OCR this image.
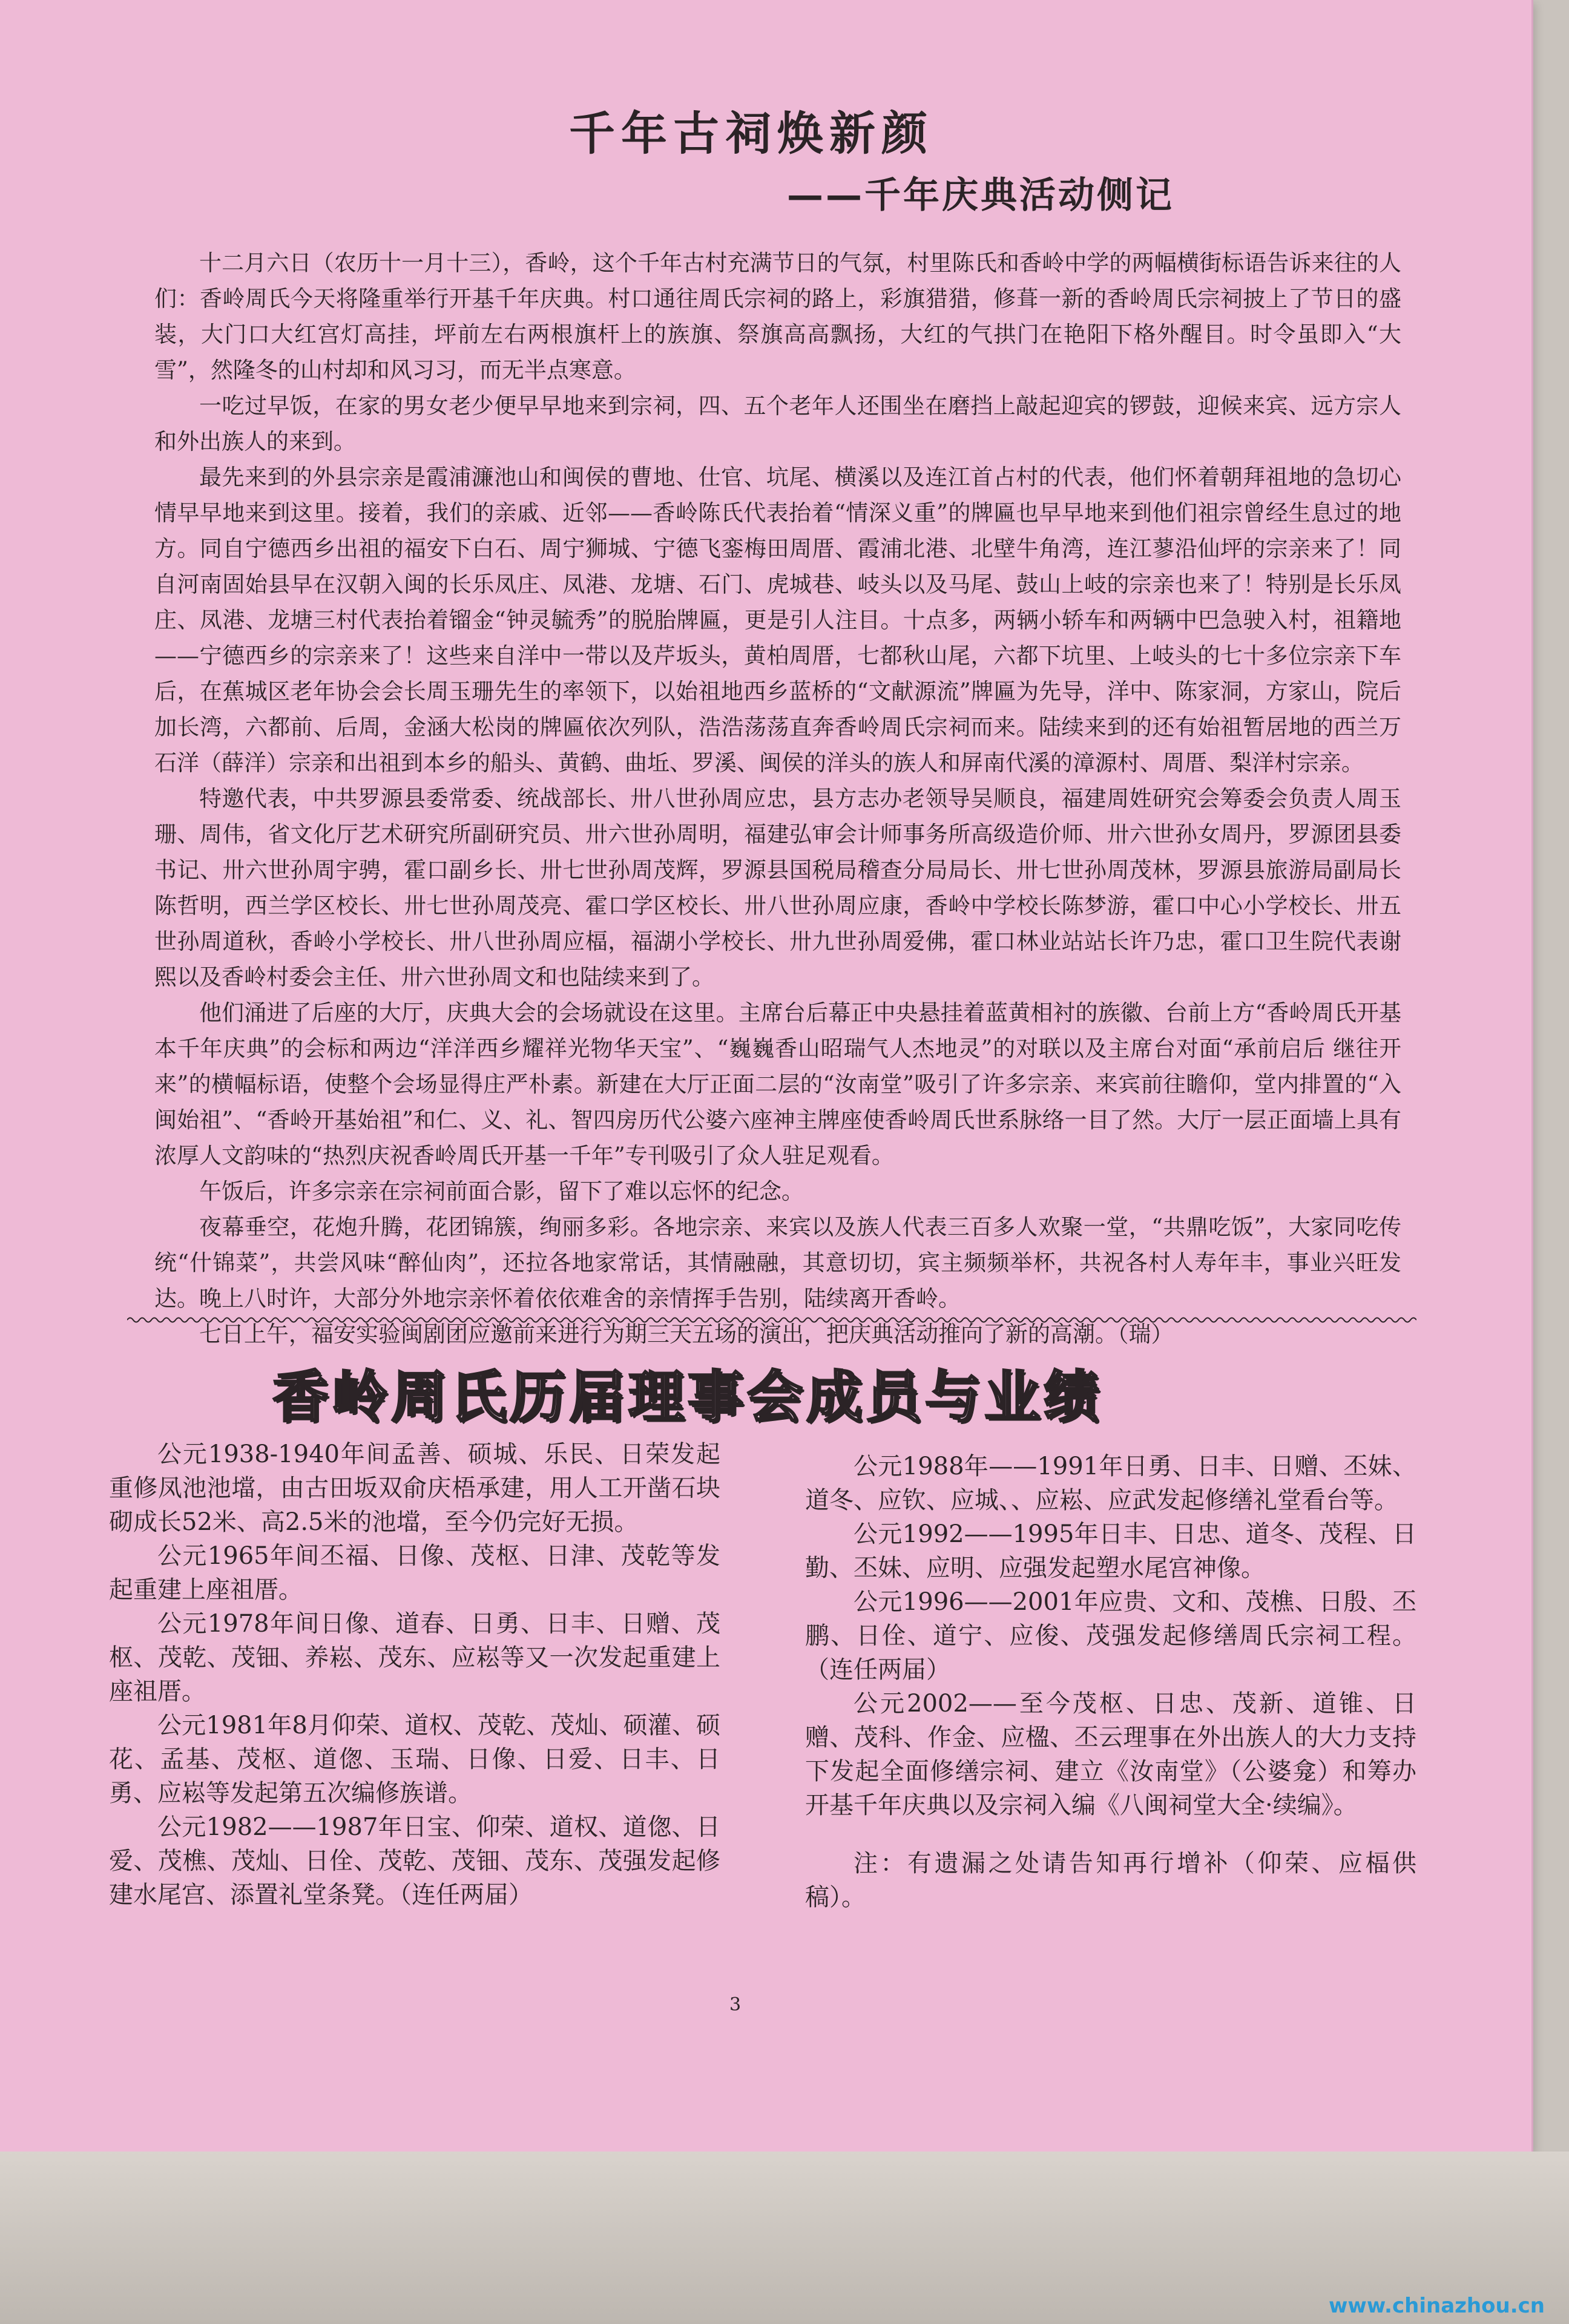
千年古祠焕新颜
——千年庆典活动侧记

十二月六日（农历十一月十三），香岭，这个千年古村充满节日的气氛，村里陈氏和香岭中学的两幅横街标语告诉来往的人们：香岭周氏今天将隆重举行开基千年庆典。村口通往周氏宗祠的路上，彩旗猎猎，修葺一新的香岭周氏宗祠披上了节日的盛装，大门口大红宫灯高挂，坪前左右两根旗杆上的族旗、祭旗高高飘扬，大红的气拱门在艳阳下格外醒目。时令虽即入“大雪”，然隆冬的山村却和风习习，而无半点寒意。

一吃过早饭，在家的男女老少便早早地来到宗祠，四、五个老年人还围坐在磨挡上敲起迎宾的锣鼓，迎候来宾、远方宗人和外出族人的来到。

最先来到的外县宗亲是霞浦濂池山和闽侯的曹地、仕官、坑尾、横溪以及连江首占村的代表，他们怀着朝拜祖地的急切心情早早地来到这里。接着，我们的亲戚、近邻——香岭陈氏代表抬着“情深义重”的牌匾也早早地来到他们祖宗曾经生息过的地方。同自宁德西乡出祖的福安下白石、周宁狮城、宁德飞銮梅田周厝、霞浦北港、北壁牛角湾，连江蓼沿仙坪的宗亲来了！同自河南固始县早在汉朝入闽的长乐凤庄、凤港、龙塘、石门、虎城巷、岐头以及马尾、鼓山上岐的宗亲也来了！特别是长乐凤庄、凤港、龙塘三村代表抬着镏金“钟灵毓秀”的脱胎牌匾，更是引人注目。十点多，两辆小轿车和两辆中巴急驶入村，祖籍地——宁德西乡的宗亲来了！这些来自洋中一带以及芹坂头，黄柏周厝，七都秋山尾，六都下坑里、上岐头的七十多位宗亲下车后，在蕉城区老年协会会长周玉珊先生的率领下，以始祖地西乡蓝桥的“文献源流”牌匾为先导，洋中、陈家洞，方家山，院后加长湾，六都前、后周，金涵大松岗的牌匾依次列队，浩浩荡荡直奔香岭周氏宗祠而来。陆续来到的还有始祖暂居地的西兰万石洋（薛洋）宗亲和出祖到本乡的船头、黄鹤、曲坵、罗溪、闽侯的洋头的族人和屏南代溪的漳源村、周厝、梨洋村宗亲。

特邀代表，中共罗源县委常委、统战部长、卅八世孙周应忠，县方志办老领导吴顺良，福建周姓研究会筹委会负责人周玉珊、周伟，省文化厅艺术研究所副研究员、卅六世孙周明，福建弘审会计师事务所高级造价师、卅六世孙女周丹，罗源团县委书记、卅六世孙周宇骋，霍口副乡长、卅七世孙周茂辉，罗源县国税局稽查分局局长、卅七世孙周茂林，罗源县旅游局副局长陈哲明，西兰学区校长、卅七世孙周茂亮、霍口学区校长、卅八世孙周应康，香岭中学校长陈梦游，霍口中心小学校长、卅五世孙周道秋，香岭小学校长、卅八世孙周应楅，福湖小学校长、卅九世孙周爱佛，霍口林业站站长许乃忠，霍口卫生院代表谢熙以及香岭村委会主任、卅六世孙周文和也陆续来到了。

他们涌进了后座的大厅，庆典大会的会场就设在这里。主席台后幕正中央悬挂着蓝黄相衬的族徽、台前上方“香岭周氏开基本千年庆典”的会标和两边“洋洋西乡耀祥光物华天宝”、“巍巍香山昭瑞气人杰地灵”的对联以及主席台对面“承前启后 继往开来”的横幅标语，使整个会场显得庄严朴素。新建在大厅正面二层的“汝南堂”吸引了许多宗亲、来宾前往瞻仰，堂内排置的“入闽始祖”、“香岭开基始祖”和仁、义、礼、智四房历代公婆六座神主牌座使香岭周氏世系脉络一目了然。大厅一层正面墙上具有浓厚人文韵味的“热烈庆祝香岭周氏开基一千年”专刊吸引了众人驻足观看。

午饭后，许多宗亲在宗祠前面合影，留下了难以忘怀的纪念。

夜幕垂空，花炮升腾，花团锦簇，绚丽多彩。各地宗亲、来宾以及族人代表三百多人欢聚一堂，“共鼎吃饭”，大家同吃传统“什锦菜”，共尝风味“醉仙肉”，还拉各地家常话，其情融融，其意切切，宾主频频举杯，共祝各村人寿年丰，事业兴旺发达。晚上八时许，大部分外地宗亲怀着依依难舍的亲情挥手告别，陆续离开香岭。

七日上午，福安实验闽剧团应邀前来进行为期三天五场的演出，把庆典活动推向了新的高潮。（瑞）

香岭周氏历届理事会成员与业绩

公元1938-1940年间孟善、硕城、乐民、日荣发起重修凤池池壋，由古田坂双俞庆梧承建，用人工开凿石块砌成长52米、高2.5米的池壋，至今仍完好无损。

公元1965年间丕福、日像、茂枢、日津、茂乾等发起重建上座祖厝。

公元1978年间日像、道春、日勇、日丰、日赠、茂枢、茂乾、茂钿、养崧、茂东、应崧等又一次发起重建上座祖厝。

公元1981年8月仰荣、道权、茂乾、茂灿、硕灌、硕花、孟基、茂枢、道偬、玉瑞、日像、日爱、日丰、日勇、应崧等发起第五次编修族谱。

公元1982——1987年日宝、仰荣、道权、道偬、日爱、茂樵、茂灿、日佺、茂乾、茂钿、茂东、茂强发起修建水尾宫、添置礼堂条凳。（连任两届）

公元1988年——1991年日勇、日丰、日赠、丕妹、道冬、应钦、应城、、应崧、应武发起修缮礼堂看台等。

公元1992——1995年日丰、日忠、道冬、茂程、日勤、丕妹、应明、应强发起塑水尾宫神像。

公元1996——2001年应贵、文和、茂樵、日殷、丕鹏、日佺、道宁、应俊、茂强发起修缮周氏宗祠工程。（连任两届）

公元2002——至今茂枢、日忠、茂新、道锥、日赠、茂科、作金、应楹、丕云理事在外出族人的大力支持下发起全面修缮宗祠、建立《汝南堂》（公婆龛）和筹办开基千年庆典以及宗祠入编《八闽祠堂大全·续编》。

注：有遗漏之处请告知再行增补（仰荣、应楅供稿）。

3
www.chinazhou.cn
